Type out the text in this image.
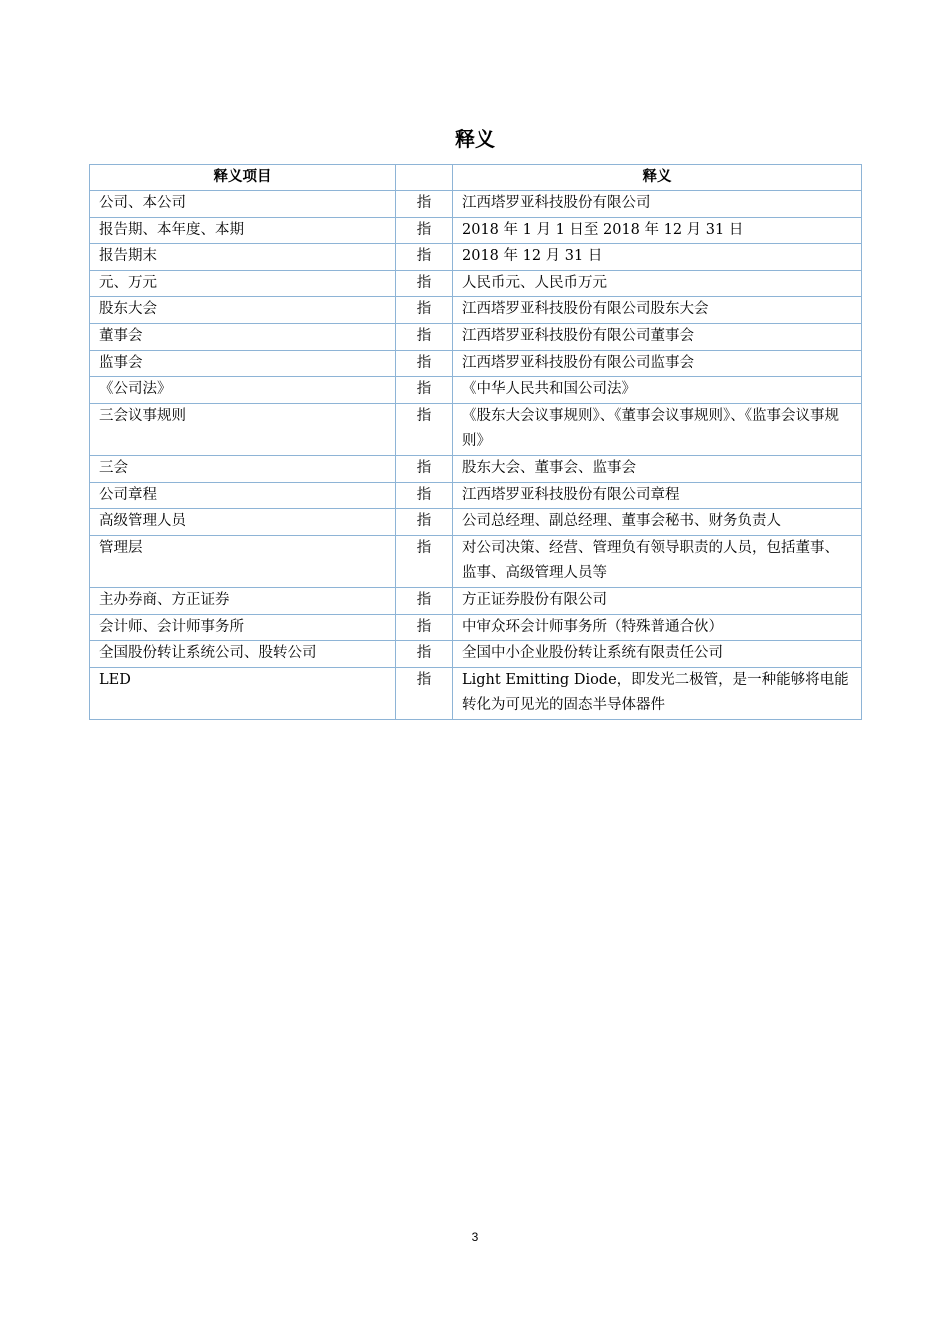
释义
释义项目		释义
公司、本公司	指	江西塔罗亚科技股份有限公司
报告期、本年度、本期	指	2018 年 1 月 1 日至 2018 年 12 月 31 日
报告期末	指	2018 年 12 月 31 日
元、万元	指	人民币元、人民币万元
股东大会	指	江西塔罗亚科技股份有限公司股东大会
董事会	指	江西塔罗亚科技股份有限公司董事会
监事会	指	江西塔罗亚科技股份有限公司监事会
《公司法》	指	《中华人民共和国公司法》
三会议事规则	指	《股东大会议事规则》、《董事会议事规则》、《监事会议事规则》
三会	指	股东大会、董事会、监事会
公司章程	指	江西塔罗亚科技股份有限公司章程
高级管理人员	指	公司总经理、副总经理、董事会秘书、财务负责人
管理层	指	对公司决策、经营、管理负有领导职责的人员，包括董事、监事、高级管理人员等
主办券商、方正证券	指	方正证券股份有限公司
会计师、会计师事务所	指	中审众环会计师事务所（特殊普通合伙）
全国股份转让系统公司、股转公司	指	全国中小企业股份转让系统有限责任公司
LED	指	Light Emitting Diode，即发光二极管，是一种能够将电能转化为可见光的固态半导体器件
3
